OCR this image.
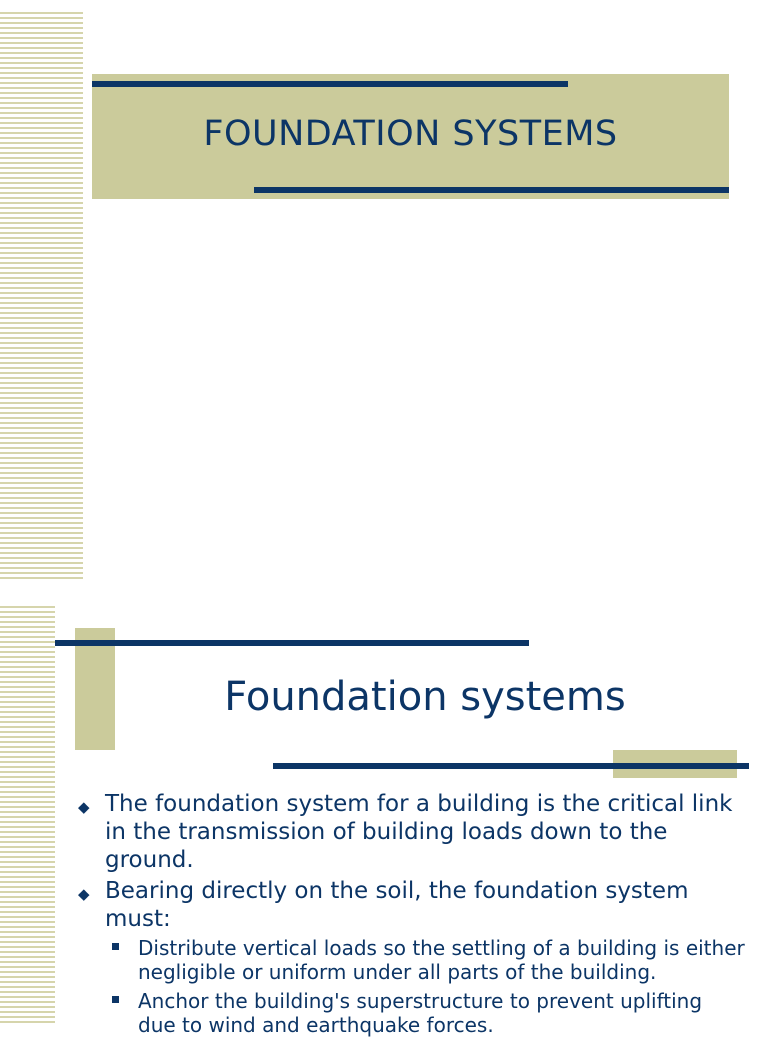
FOUNDATION SYSTEMS
Foundation systems
◆ The foundation system for a building is the critical link in the transmission of building loads down to the ground.
◆ Bearing directly on the soil, the foundation system must:
Distribute vertical loads so the settling of a building is either negligible or uniform under all parts of the building.
Anchor the building's superstructure to prevent uplifting due to wind and earthquake forces.
